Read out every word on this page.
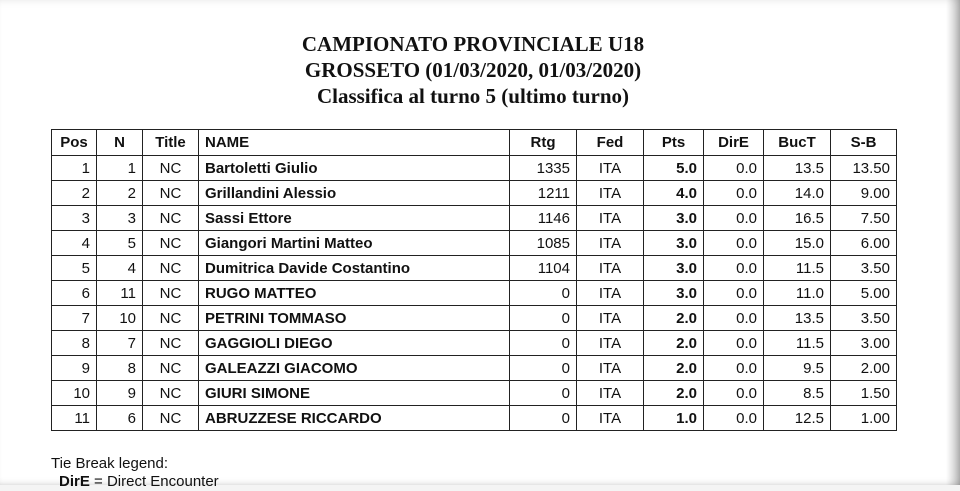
CAMPIONATO PROVINCIALE U18
GROSSETO (01/03/2020, 01/03/2020)
Classifica al turno 5 (ultimo turno)
Pos	N	Title	NAME	Rtg	Fed	Pts	DirE	BucT	S-B
1	1	NC	Bartoletti Giulio	1335	ITA	5.0	0.0	13.5	13.50
2	2	NC	Grillandini Alessio	1211	ITA	4.0	0.0	14.0	9.00
3	3	NC	Sassi Ettore	1146	ITA	3.0	0.0	16.5	7.50
4	5	NC	Giangori Martini Matteo	1085	ITA	3.0	0.0	15.0	6.00
5	4	NC	Dumitrica Davide Costantino	1104	ITA	3.0	0.0	11.5	3.50
6	11	NC	RUGO MATTEO	0	ITA	3.0	0.0	11.0	5.00
7	10	NC	PETRINI TOMMASO	0	ITA	2.0	0.0	13.5	3.50
8	7	NC	GAGGIOLI DIEGO	0	ITA	2.0	0.0	11.5	3.00
9	8	NC	GALEAZZI GIACOMO	0	ITA	2.0	0.0	9.5	2.00
10	9	NC	GIURI SIMONE	0	ITA	2.0	0.0	8.5	1.50
11	6	NC	ABRUZZESE RICCARDO	0	ITA	1.0	0.0	12.5	1.00
Tie Break legend:
DirE = Direct Encounter
